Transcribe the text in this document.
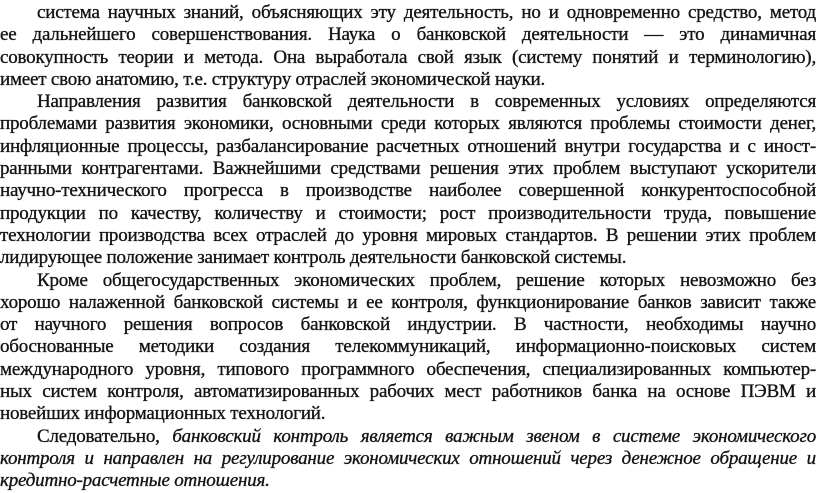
система научных знаний, объясняющих эту деятельность, но и одновременно средство, метод
ее дальнейшего совершенствования. Наука о банковской деятельности — это динамичная
совокупность теории и метода. Она выработала свой язык (систему понятий и терминологию),
имеет свою анатомию, т.е. структуру отраслей экономической науки.
Направления развития банковской деятельности в современных условиях определяются
проблемами развития экономики, основными среди которых являются проблемы стоимости денег,
инфляционные процессы, разбалансирование расчетных отношений внутри государства и с иност-
ранными контрагентами. Важнейшими средствами решения этих проблем выступают ускорители
научно-технического прогресса в производстве наиболее совершенной конкурентоспособной
продукции по качеству, количеству и стоимости; рост производительности труда, повышение
технологии производства всех отраслей до уровня мировых стандартов. В решении этих проблем
лидирующее положение занимает контроль деятельности банковской системы.
Кроме общегосударственных экономических проблем, решение которых невозможно без
хорошо налаженной банковской системы и ее контроля, функционирование банков зависит также
от научного решения вопросов банковской индустрии. В частности, необходимы научно
обоснованные методики создания телекоммуникаций, информационно-поисковых систем
международного уровня, типового программного обеспечения, специализированных компьютер-
ных систем контроля, автоматизированных рабочих мест работников банка на основе ПЭВМ и
новейших информационных технологий.
Следовательно, банковский контроль является важным звеном в системе экономического
контроля и направлен на регулирование экономических отношений через денежное обращение и
кредитно-расчетные отношения.
